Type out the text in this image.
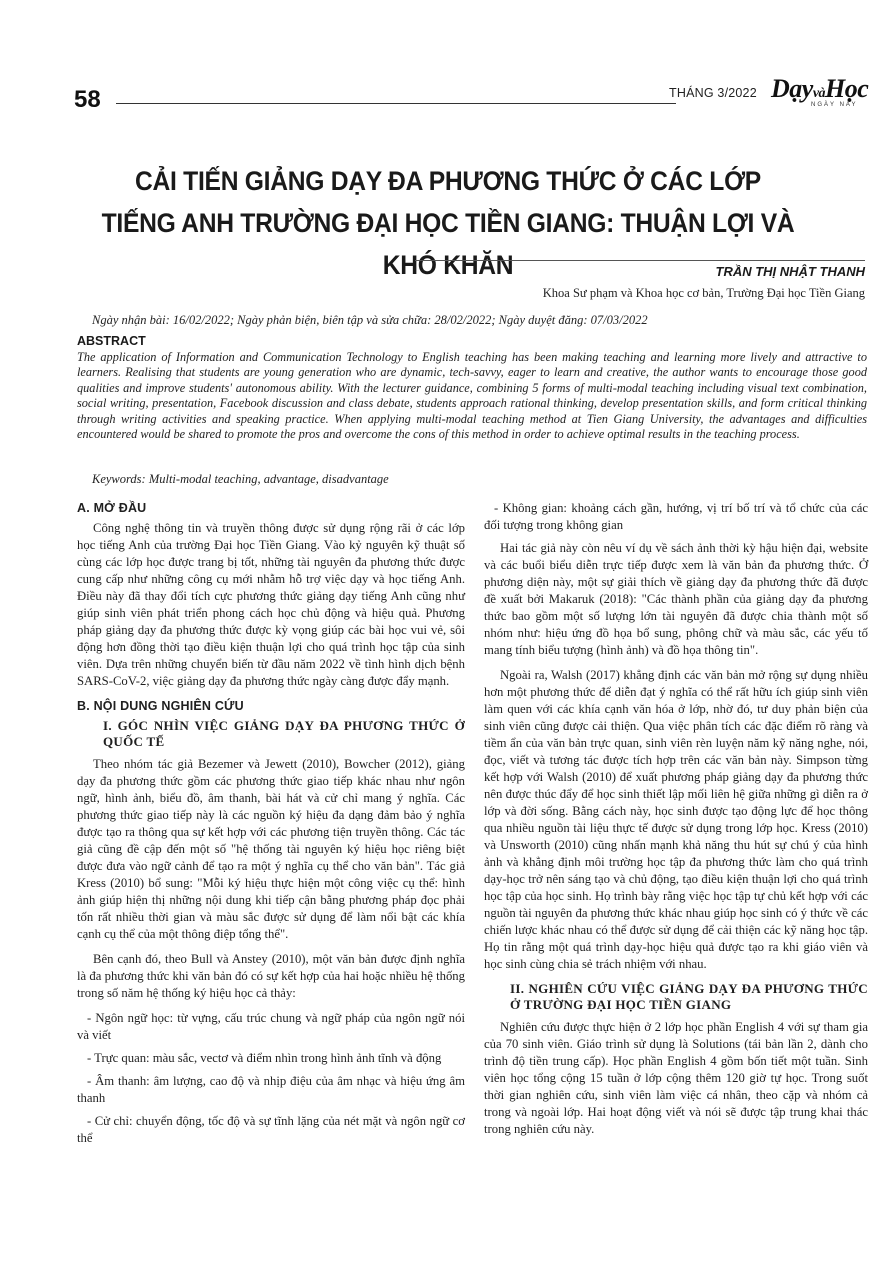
58	THÁNG 3/2022 DạyvàHọc
NGÀY NAY
CẢI TIẾN GIẢNG DẠY ĐA PHƯƠNG THỨC Ở CÁC LỚP TIẾNG ANH TRƯỜNG ĐẠI HỌC TIỀN GIANG: THUẬN LỢI VÀ KHÓ KHĂN	TRẦN THỊ NHẬT THANH
Khoa Sư phạm và Khoa học cơ bản, Trường Đại học Tiền Giang
Ngày nhận bài: 16/02/2022; Ngày phản biện, biên tập và sửa chữa: 28/02/2022; Ngày duyệt đăng: 07/03/2022
ABSTRACT
The application of Information and Communication Technology to English teaching has been making teaching and learning more lively and attractive to learners. Realising that students are young generation who are dynamic, tech-savvy, eager to learn and creative, the author wants to encourage those good qualities and improve students' autonomous ability. With the lecturer guidance, combining 5 forms of multi-modal teaching including visual text combination, social writing, presentation, Facebook discussion and class debate, students approach rational thinking, develop presentation skills, and form critical thinking through writing activities and speaking practice. When applying multi-modal teaching method at Tien Giang University, the advantages and difficulties encountered would be shared to promote the pros and overcome the cons of this method in order to achieve optimal results in the teaching process.
Keywords: Multi-modal teaching, advantage, disadvantage
A. MỞ ĐẦU

Công nghệ thông tin và truyền thông được sử dụng rộng rãi ở các lớp học tiếng Anh của trường Đại học Tiền Giang. Vào kỷ nguyên kỹ thuật số cùng các lớp học được trang bị tốt, những tài nguyên đa phương thức được cung cấp như những công cụ mới nhằm hỗ trợ việc dạy và học tiếng Anh. Điều này đã thay đổi tích cực phương thức giảng dạy tiếng Anh cũng như giúp sinh viên phát triển phong cách học chủ động và hiệu quả. Phương pháp giảng dạy đa phương thức được kỳ vọng giúp các bài học vui vẻ, sôi động hơn đồng thời tạo điều kiện thuận lợi cho quá trình học tập của sinh viên. Dựa trên những chuyển biến từ đầu năm 2022 về tình hình dịch bệnh SARS-CoV-2, việc giảng dạy đa phương thức ngày càng được đẩy mạnh.

B. NỘI DUNG NGHIÊN CỨU
I. GÓC NHÌN VIỆC GIẢNG DẠY ĐA PHƯƠNG THỨC Ở QUỐC TẾ

Theo nhóm tác giả Bezemer và Jewett (2010), Bowcher (2012), giảng dạy đa phương thức gồm các phương thức giao tiếp khác nhau như ngôn ngữ, hình ảnh, biểu đồ, âm thanh, bài hát và cử chỉ mang ý nghĩa. Các phương thức giao tiếp này là các nguồn ký hiệu đa dạng đảm bảo ý nghĩa được tạo ra thông qua sự kết hợp với các phương tiện truyền thông. Các tác giả cũng đề cập đến một số "hệ thống tài nguyên ký hiệu học riêng biệt được đưa vào ngữ cảnh để tạo ra một ý nghĩa cụ thể cho văn bản". Tác giả Kress (2010) bổ sung: "Mỗi ký hiệu thực hiện một công việc cụ thể: hình ảnh giúp hiện thị những nội dung khi tiếp cận bằng phương pháp đọc phải tốn rất nhiều thời gian và màu sắc được sử dụng để làm nổi bật các khía cạnh cụ thể của một thông điệp tổng thể".

Bên cạnh đó, theo Bull và Anstey (2010), một văn bản được định nghĩa là đa phương thức khi văn bản đó có sự kết hợp của hai hoặc nhiều hệ thống trong số năm hệ thống ký hiệu học cả thảy:

- Ngôn ngữ học: từ vựng, cấu trúc chung và ngữ pháp của ngôn ngữ nói và viết

- Trực quan: màu sắc, vectơ và điểm nhìn trong hình ảnh tĩnh và động

- Âm thanh: âm lượng, cao độ và nhịp điệu của âm nhạc và hiệu ứng âm thanh

- Cử chỉ: chuyển động, tốc độ và sự tĩnh lặng của nét mặt và ngôn ngữ cơ thể

- Không gian: khoảng cách gần, hướng, vị trí bố trí và tổ chức của các đối tượng trong không gian

Hai tác giả này còn nêu ví dụ về sách ảnh thời kỳ hậu hiện đại, website và các buổi biểu diễn trực tiếp được xem là văn bản đa phương thức. Ở phương diện này, một sự giải thích về giảng dạy đa phương thức đã được đề xuất bởi Makaruk (2018): "Các thành phần của giảng dạy đa phương thức bao gồm một số lượng lớn tài nguyên đã được chia thành một số nhóm như: hiệu ứng đồ họa bổ sung, phông chữ và màu sắc, các yếu tố mang tính biểu tượng (hình ảnh) và đồ họa thông tin".

Ngoài ra, Walsh (2017) khẳng định các văn bản mở rộng sự dụng nhiều hơn một phương thức để diễn đạt ý nghĩa có thể rất hữu ích giúp sinh viên làm quen với các khía cạnh văn hóa ở lớp, nhờ đó, tư duy phản biện của sinh viên cũng được cải thiện. Qua việc phân tích các đặc điểm rõ ràng và tiềm ẩn của văn bản trực quan, sinh viên rèn luyện năm kỹ năng nghe, nói, đọc, viết và tương tác được tích hợp trên các văn bản này. Simpson từng kết hợp với Walsh (2010) để xuất phương pháp giảng dạy đa phương thức nên được thúc đẩy để học sinh thiết lập mối liên hệ giữa những gì diễn ra ở lớp và đời sống. Bằng cách này, học sinh được tạo động lực để học thông qua nhiều nguồn tài liệu thực tế được sử dụng trong lớp học. Kress (2010) và Unsworth (2010) cũng nhấn mạnh khả năng thu hút sự chú ý của hình ảnh và khẳng định môi trường học tập đa phương thức làm cho quá trình dạy-học trở nên sáng tạo và chủ động, tạo điều kiện thuận lợi cho quá trình học tập của học sinh. Họ trình bày rằng việc học tập tự chủ kết hợp với các nguồn tài nguyên đa phương thức khác nhau giúp học sinh có ý thức về các chiến lược khác nhau có thể được sử dụng để cải thiện các kỹ năng học tập. Họ tin rằng một quá trình dạy-học hiệu quả được tạo ra khi giáo viên và học sinh cùng chia sẻ trách nhiệm với nhau.

II. NGHIÊN CỨU VIỆC GIẢNG DẠY ĐA PHƯƠNG THỨC Ở TRƯỜNG ĐẠI HỌC TIỀN GIANG

Nghiên cứu được thực hiện ở 2 lớp học phần English 4 với sự tham gia của 70 sinh viên. Giáo trình sử dụng là Solutions (tái bản lần 2, dành cho trình độ tiền trung cấp). Học phần English 4 gồm bốn tiết một tuần. Sinh viên học tổng cộng 15 tuần ở lớp cộng thêm 120 giờ tự học. Trong suốt thời gian nghiên cứu, sinh viên làm việc cá nhân, theo cặp và nhóm cả trong và ngoài lớp. Hai hoạt động viết và nói sẽ được tập trung khai thác trong nghiên cứu này.
